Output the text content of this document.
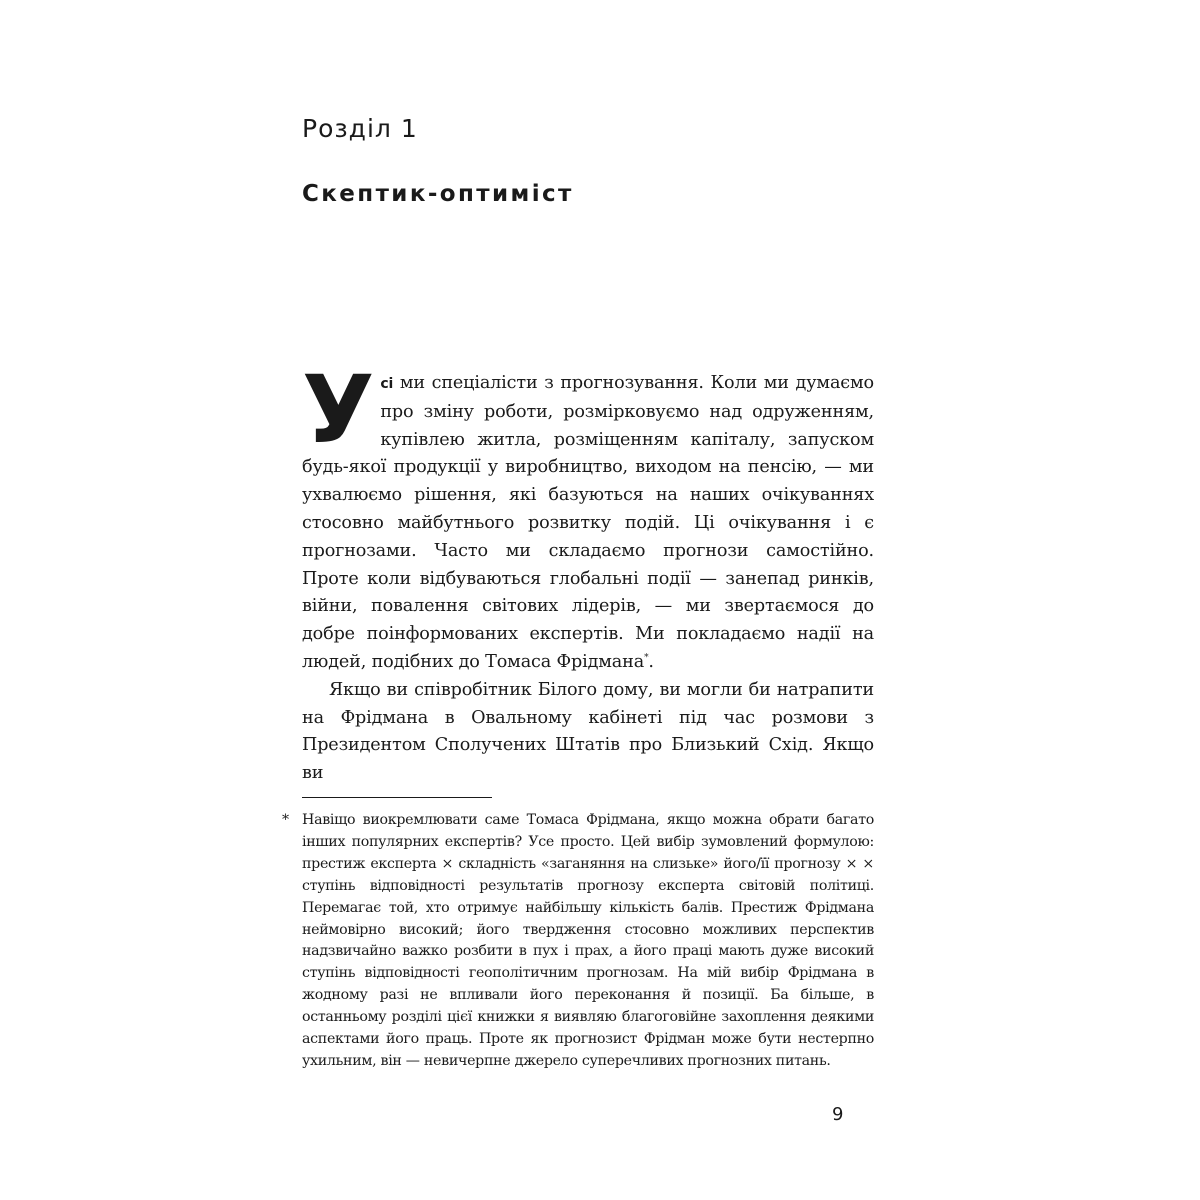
Розділ 1
Скептик-оптиміст

Усі ми спеціалісти з прогнозування. Коли ми думаємо про зміну роботи, розмірковуємо над одруженням, купівлею житла, розміщенням капіталу, запуском будь-якої продукції у виробництво, виходом на пенсію, — ми ухвалюємо рішення, які базуються на наших очікуваннях стосовно майбутнього розвитку подій. Ці очікування і є прогнозами. Часто ми складаємо прогнози самостійно. Проте коли відбуваються глобальні події — занепад ринків, війни, повалення світових лідерів, — ми звертаємося до добре поінформованих експертів. Ми покладаємо надії на людей, подібних до Томаса Фрідмана*.

Якщо ви співробітник Білого дому, ви могли би натрапити на Фрідмана в Овальному кабінеті під час розмови з Президентом Сполучених Штатів про Близький Схід. Якщо ви

* Навіщо виокремлювати саме Томаса Фрідмана, якщо можна обрати багато інших популярних експертів? Усе просто. Цей вибір зумовлений формулою: престиж експерта × складність «заганяння на слизьке» його/її прогнозу × × ступінь відповідності результатів прогнозу експерта світовій політиці. Перемагає той, хто отримує найбільшу кількість балів. Престиж Фрідмана неймовірно високий; його твердження стосовно можливих перспектив надзвичайно важко розбити в пух і прах, а його праці мають дуже високий ступінь відповідності геополітичним прогнозам. На мій вибір Фрідмана в жодному разі не впливали його переконання й позиції. Ба більше, в останньому розділі цієї книжки я виявляю благоговійне захоплення деякими аспектами його праць. Проте як прогнозист Фрідман може бути нестерпно ухильним, він — невичерпне джерело суперечливих прогнозних питань.
9
